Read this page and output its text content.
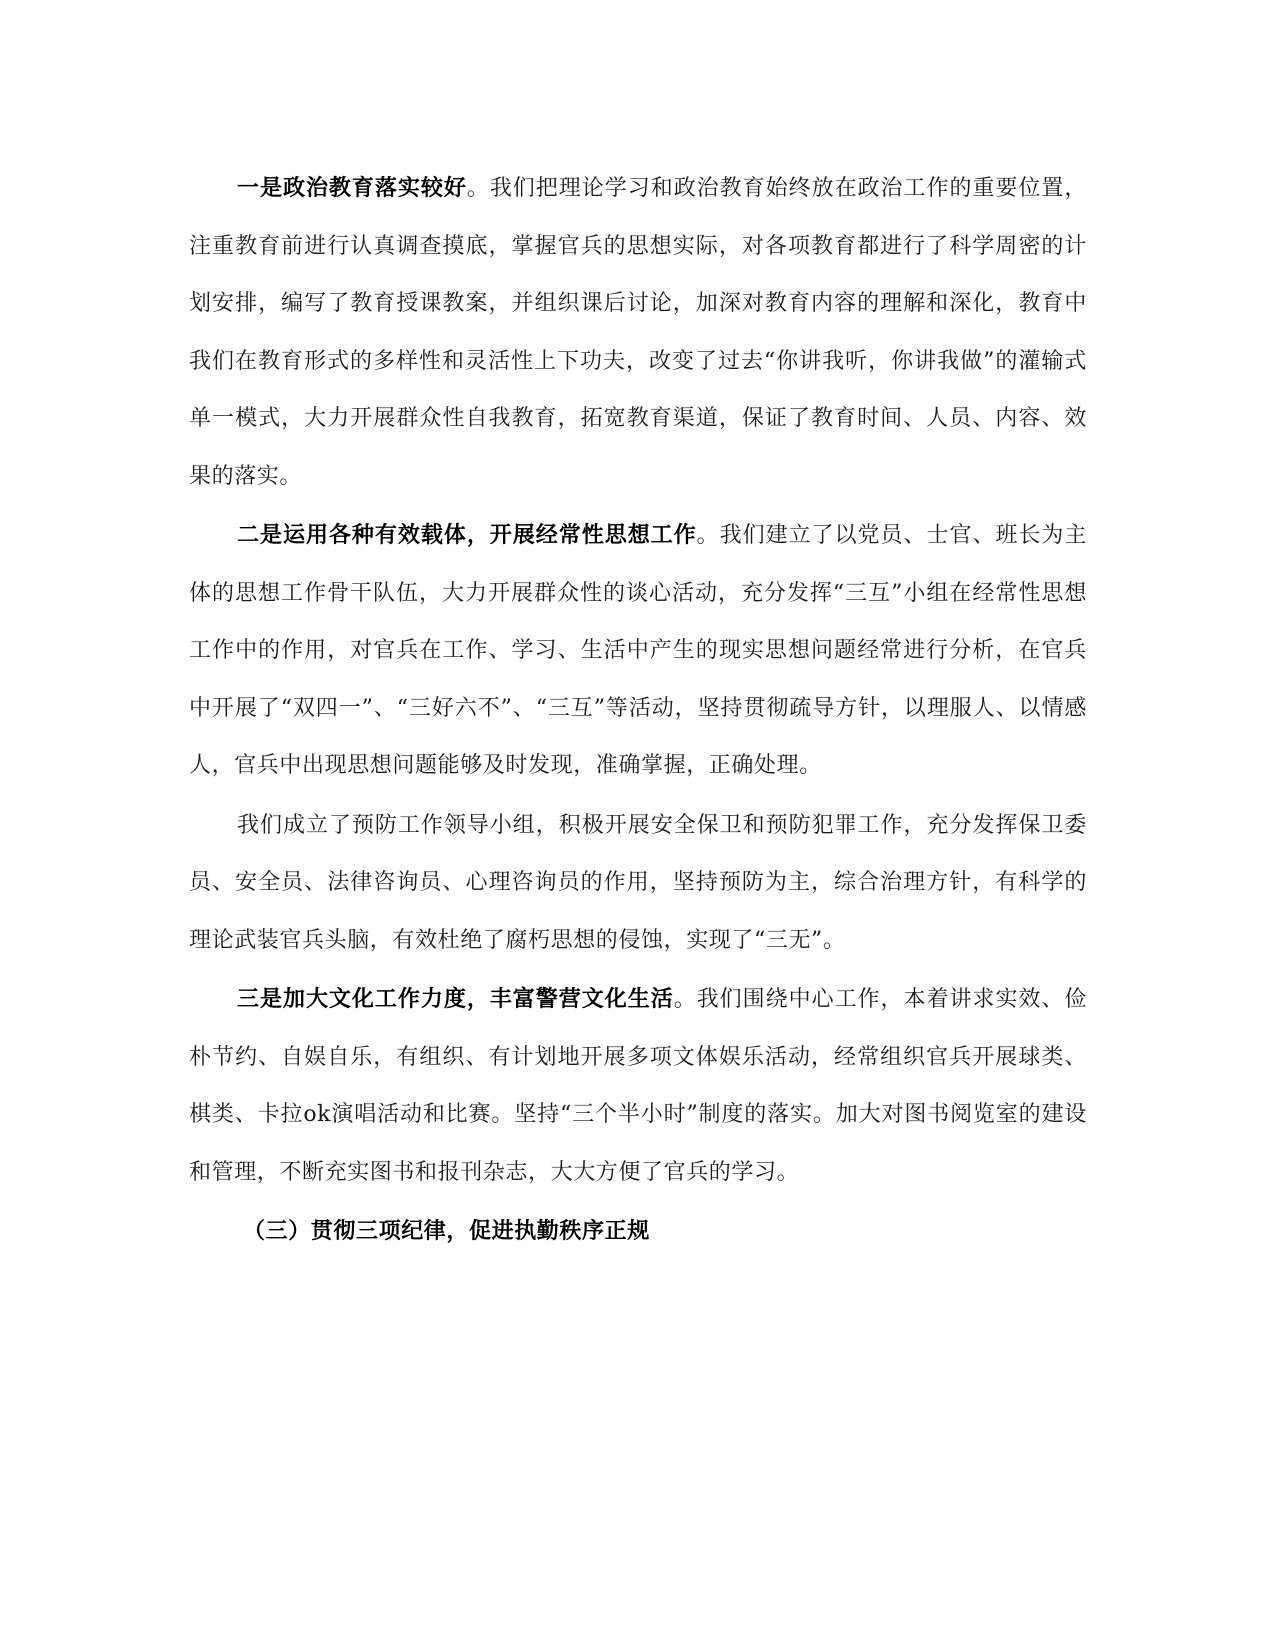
一是政治教育落实较好。我们把理论学习和政治教育始终放在政治工作的重要位置，注重教育前进行认真调查摸底，掌握官兵的思想实际，对各项教育都进行了科学周密的计划安排，编写了教育授课教案，并组织课后讨论，加深对教育内容的理解和深化，教育中我们在教育形式的多样性和灵活性上下功夫，改变了过去“你讲我听，你讲我做”的灌输式单一模式，大力开展群众性自我教育，拓宽教育渠道，保证了教育时间、人员、内容、效果的落实。

二是运用各种有效载体，开展经常性思想工作。我们建立了以党员、士官、班长为主体的思想工作骨干队伍，大力开展群众性的谈心活动，充分发挥“三互”小组在经常性思想工作中的作用，对官兵在工作、学习、生活中产生的现实思想问题经常进行分析，在官兵中开展了“双四一”、“三好六不”、“三互”等活动，坚持贯彻疏导方针，以理服人、以情感人，官兵中出现思想问题能够及时发现，准确掌握，正确处理。

我们成立了预防工作领导小组，积极开展安全保卫和预防犯罪工作，充分发挥保卫委员、安全员、法律咨询员、心理咨询员的作用，坚持预防为主，综合治理方针，有科学的理论武装官兵头脑，有效杜绝了腐朽思想的侵蚀，实现了“三无”。

三是加大文化工作力度，丰富警营文化生活。我们围绕中心工作，本着讲求实效、俭朴节约、自娱自乐，有组织、有计划地开展多项文体娱乐活动，经常组织官兵开展球类、棋类、卡拉ok演唱活动和比赛。坚持“三个半小时”制度的落实。加大对图书阅览室的建设和管理，不断充实图书和报刊杂志，大大方便了官兵的学习。

（三）贯彻三项纪律，促进执勤秩序正规
